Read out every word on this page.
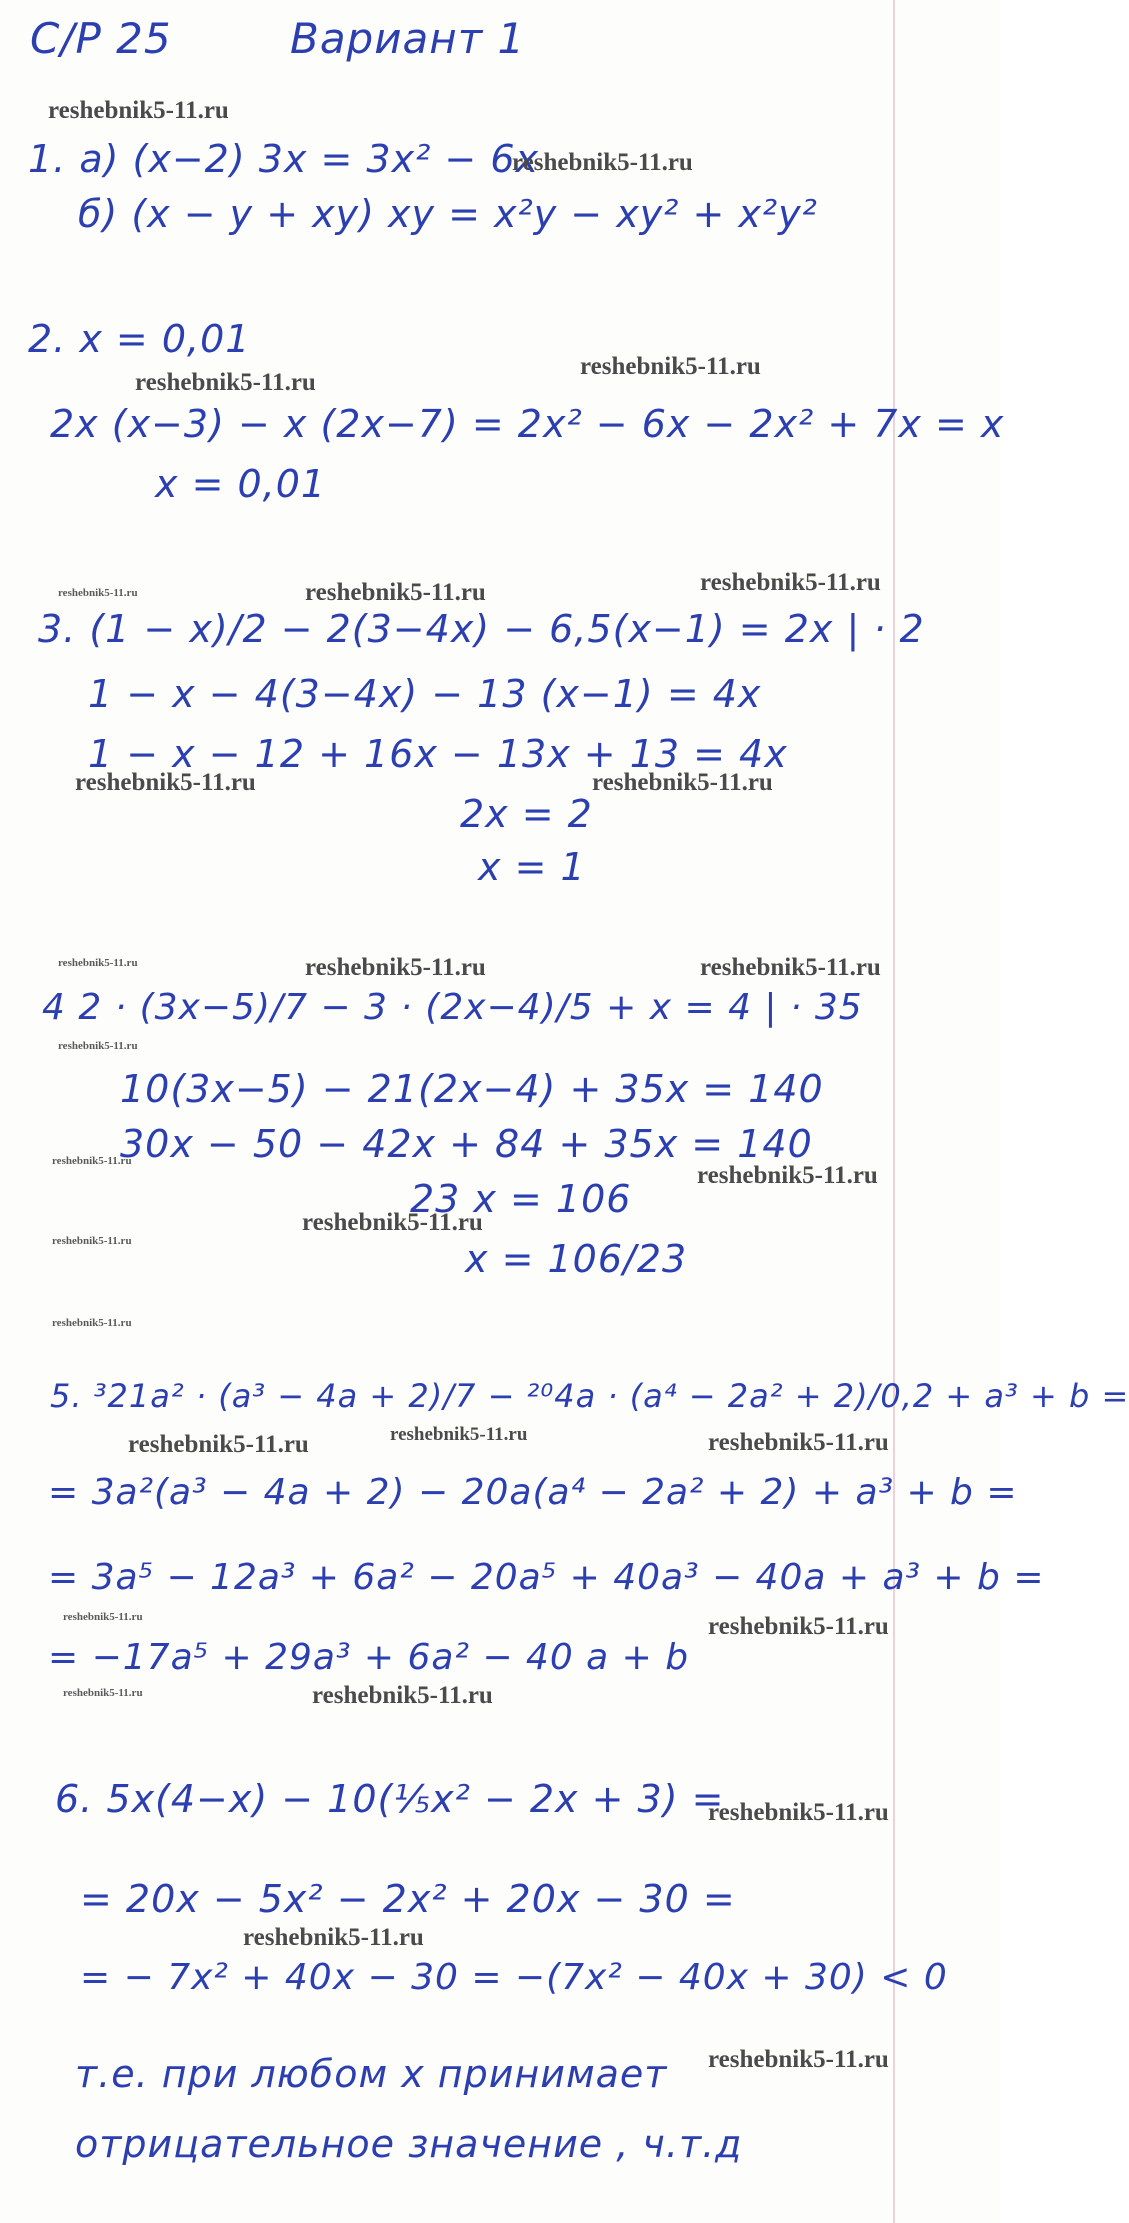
С/Р 25	Вариант 1
1. а) (x−2) 3x = 3x² − 6x
б) (x − y + xy) xy = x²y − xy² + x²y²
2. x = 0,01
2x (x−3) − x (2x−7) = 2x² − 6x − 2x² + 7x = x
x = 0,01
3. (1 − x)/2 − 2(3−4x) − 6,5(x−1) = 2x | · 2
1 − x − 4(3−4x) − 13 (x−1) = 4x
1 − x − 12 + 16x − 13x + 13 = 4x
2x = 2
x = 1
4 2 · (3x−5)/7 − 3 · (2x−4)/5 + x = 4 | · 35
10(3x−5) − 21(2x−4) + 35x = 140
30x − 50 − 42x + 84 + 35x = 140
23 x = 106
x = 106/23
5. ³21a² · (a³ − 4a + 2)/7 − ²⁰4a · (a⁴ − 2a² + 2)/0,2 + a³ + b =
= 3a²(a³ − 4a + 2) − 20a(a⁴ − 2a² + 2) + a³ + b =
= 3a⁵ − 12a³ + 6a² − 20a⁵ + 40a³ − 40a + a³ + b =
= −17a⁵ + 29a³ + 6a² − 40 a + b
6. 5x(4−x) − 10(⅕x² − 2x + 3) =
= 20x − 5x² − 2x² + 20x − 30 =
= − 7x² + 40x − 30 = −(7x² − 40x + 30) < 0
т.е. при любом x принимает
отрицательное значение , ч.т.д
reshebnik5-11.ru
reshebnik5-11.ru
reshebnik5-11.ru
reshebnik5-11.ru
reshebnik5-11.ru	reshebnik5-11.ru	reshebnik5-11.ru
reshebnik5-11.ru	reshebnik5-11.ru
reshebnik5-11.ru	reshebnik5-11.ru	reshebnik5-11.ru
reshebnik5-11.ru
reshebnik5-11.ru
reshebnik5-11.ru
reshebnik5-11.ru
reshebnik5-11.ru
reshebnik5-11.ru
reshebnik5-11.ru	reshebnik5-11.ru	reshebnik5-11.ru
reshebnik5-11.ru	reshebnik5-11.ru
reshebnik5-11.ru	reshebnik5-11.ru
reshebnik5-11.ru
reshebnik5-11.ru
reshebnik5-11.ru
